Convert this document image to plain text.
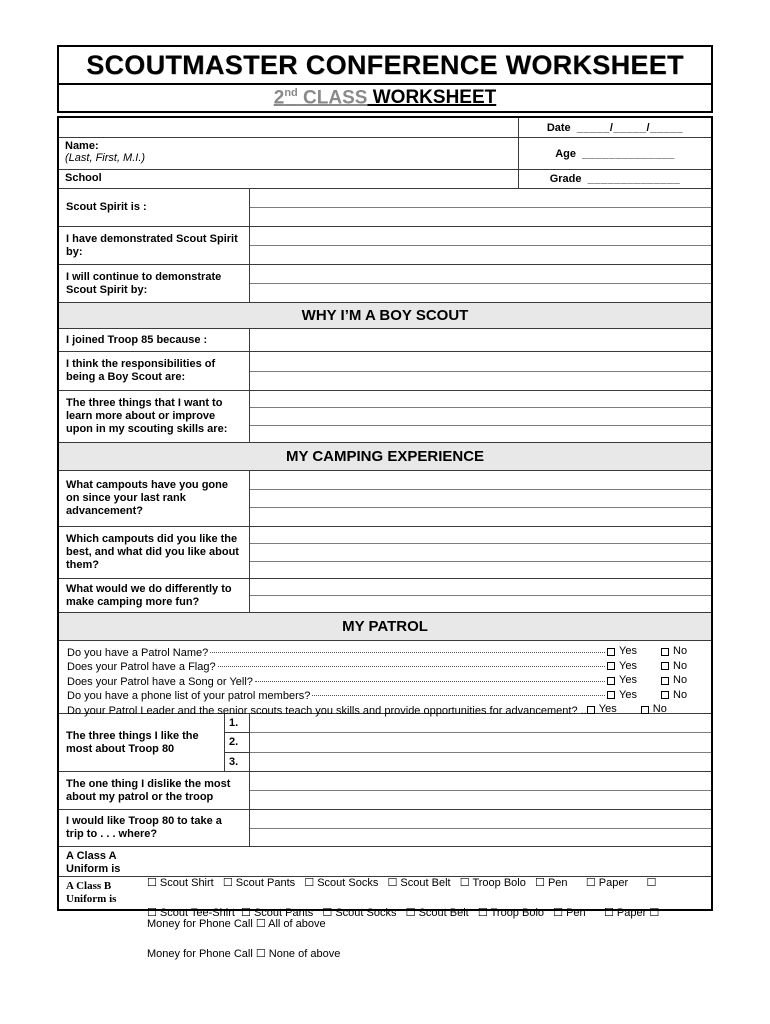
SCOUTMASTER CONFERENCE WORKSHEET
2nd CLASS WORKSHEET
Date _____/_____/_____
Name:
(Last, First, M.I.)	Age ______________
School	Grade ______________
Scout Spirit is :
I have demonstrated Scout Spirit by:
I will continue to demonstrate Scout Spirit by:
WHY I’M A BOY SCOUT
I joined Troop 85 because :
I think the responsibilities of being a Boy Scout are:
The three things that I want to learn more about or improve upon in my scouting skills are:
MY CAMPING EXPERIENCE
What campouts have you gone on since your last rank advancement?
Which campouts did you like the best, and what did you like about them?
What would we do differently to make camping more fun?
MY PATROL
Do you have a Patrol Name?	Yes	No
Does your Patrol have a Flag?	Yes	No
Does your Patrol have a Song or Yell?	Yes	No
Do you have a phone list of your patrol members?	Yes	No
Do your Patrol Leader and the senior scouts teach you skills and provide opportunities for advancement? .. Yes	No
The three things I like the most about Troop 80
1.
2.
3.
The one thing I dislike the most about my patrol or the troop
I would like Troop 80 to take a trip to . . . where?
A Class A
Uniform is

☐ Scout Shirt   ☐ Scout Pants   ☐ Scout Socks   ☐ Scout Belt   ☐ Troop Bolo   ☐ Pen      ☐ Paper      ☐

Money for Phone Call ☐ All of above

A Class B
Uniform is

☐ Scout Tee-Shirt  ☐ Scout Pants   ☐ Scout Socks   ☐ Scout Belt   ☐ Troop Bolo   ☐ Pen      ☐ Paper ☐

Money for Phone Call ☐ None of above
